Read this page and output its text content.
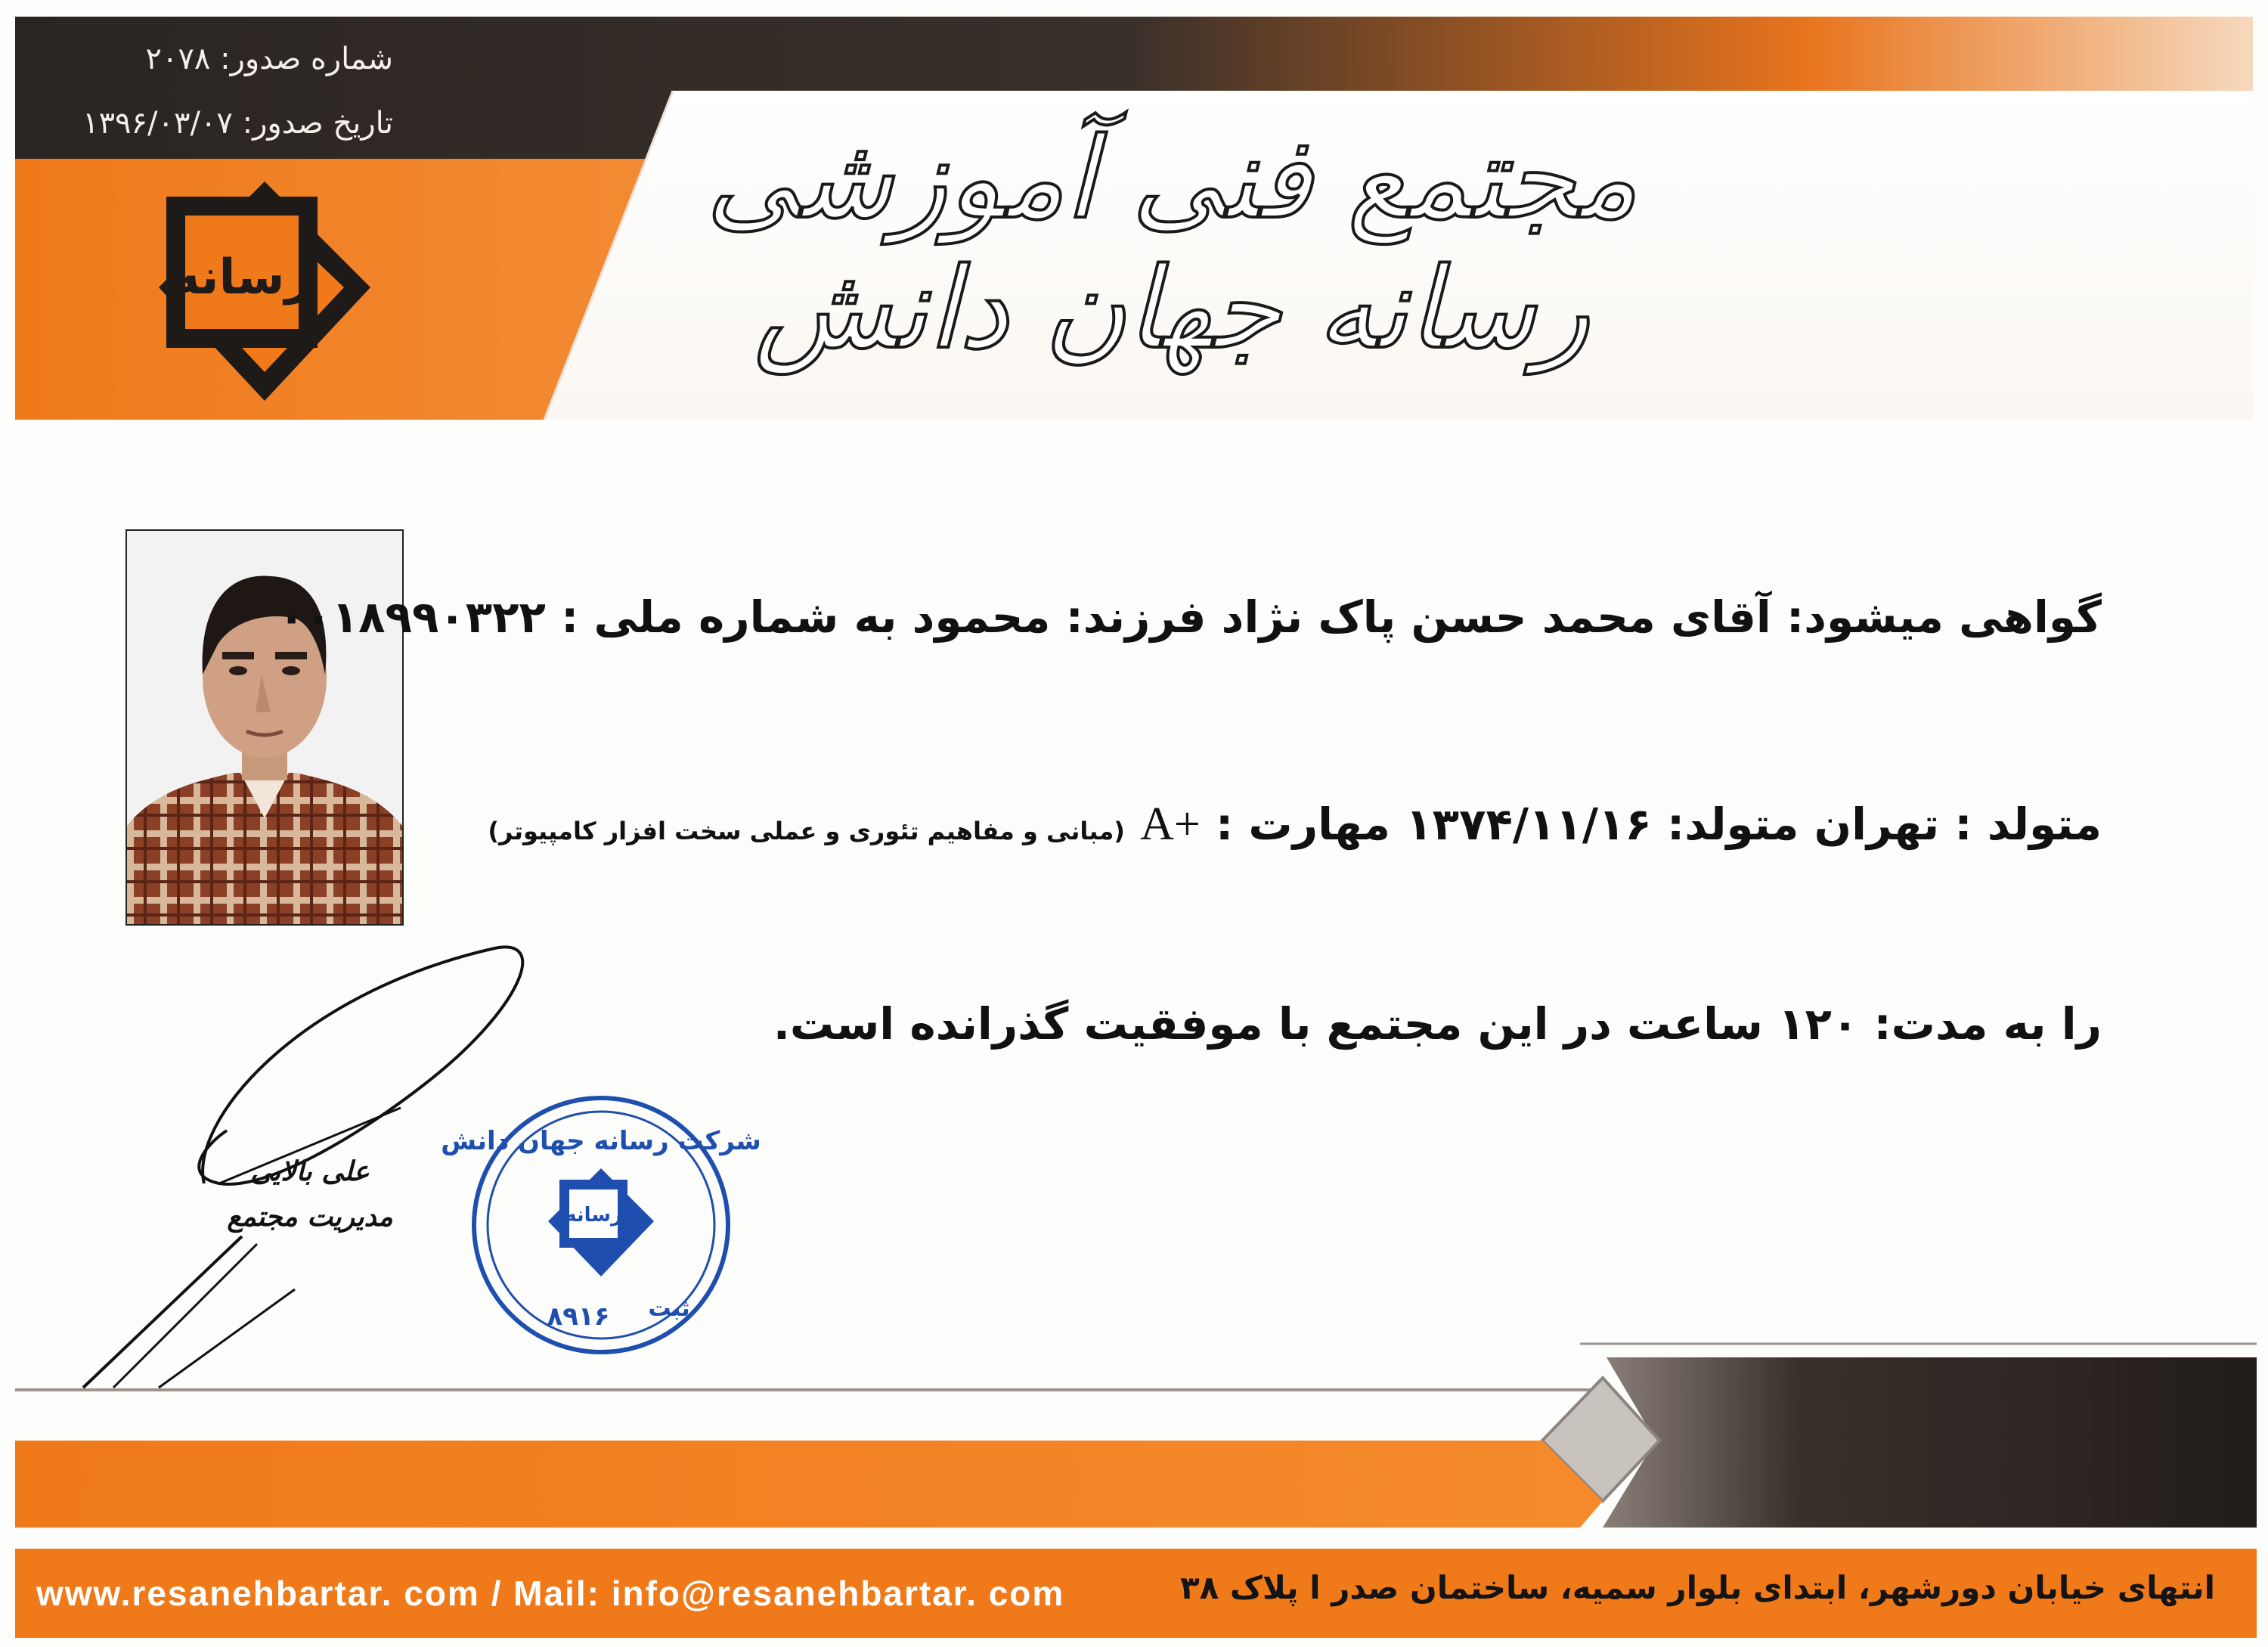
شماره صدور: ۲۰۷۸
تاریخ صدور: ۱۳۹۶/۰۳/۰۷
رسانه
مجتمع فنی آموزشی رسانه جهان دانش
گواهی میشود: آقای محمد حسن پاک نژاد فرزند: محمود به شماره ملی : ۰۰۱۸۹۹۰۳۲۲
متولد : تهران متولد: ۱۳۷۴/۱۱/۱۶ مهارت : A+ (مبانی و مفاهیم تئوری و عملی سخت افزار کامپیوتر)
را به مدت: ۱۲۰ ساعت در این مجتمع با موفقیت گذرانده است.
علی بالایی
مدیریت مجتمع	رسانه
شرکت رسانه جهان دانش
ثبت
۸۹۱۶
www.resanehbartar. com / Mail: info@resanehbartar. com	انتهای خیابان دورشهر، ابتدای بلوار سمیه، ساختمان صدر ا پلاک ۳۸
